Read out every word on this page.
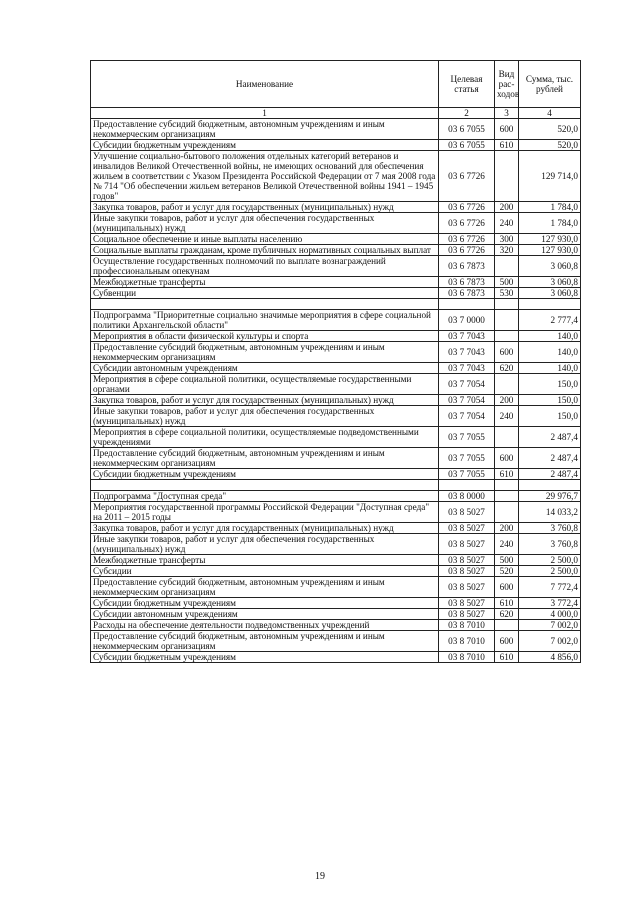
Наименование	Целевая статья	Вид рас-ходов	Сумма, тыс. рублей
1	2	3	4
Предоставление субсидий бюджетным, автономным учреждениям и иным некоммерческим организациям	03 6 7055	600	520,0
Субсидии бюджетным учреждениям	03 6 7055	610	520,0
Улучшение социально-бытового положения отдельных категорий ветеранов и инвалидов Великой Отечественной войны, не имеющих оснований для обеспечения жильем в соответствии с Указом Президента Российской Федерации от 7 мая 2008 года № 714 "Об обеспечении жильем ветеранов Великой Отечественной войны 1941 – 1945 годов"	03 6 7726		129 714,0
Закупка товаров, работ и услуг для государственных (муниципальных) нужд	03 6 7726	200	1 784,0
Иные закупки товаров, работ и услуг для обеспечения государственных (муниципальных) нужд	03 6 7726	240	1 784,0
Социальное обеспечение и иные выплаты населению	03 6 7726	300	127 930,0
Социальные выплаты гражданам, кроме публичных нормативных социальных выплат	03 6 7726	320	127 930,0
Осуществление государственных полномочий по выплате вознаграждений профессиональным опекунам	03 6 7873		3 060,8
Межбюджетные трансферты	03 6 7873	500	3 060,8
Субвенции	03 6 7873	530	3 060,8

Подпрограмма "Приоритетные социально значимые мероприятия в сфере социальной политики Архангельской области"	03 7 0000		2 777,4
Мероприятия в области физической культуры и спорта	03 7 7043		140,0
Предоставление субсидий бюджетным, автономным учреждениям и иным некоммерческим организациям	03 7 7043	600	140,0
Субсидии автономным учреждениям	03 7 7043	620	140,0
Мероприятия в сфере социальной политики, осуществляемые государственными органами	03 7 7054		150,0
Закупка товаров, работ и услуг для государственных (муниципальных) нужд	03 7 7054	200	150,0
Иные закупки товаров, работ и услуг для обеспечения государственных (муниципальных) нужд	03 7 7054	240	150,0
Мероприятия в сфере социальной политики, осуществляемые подведомственными учреждениями	03 7 7055		2 487,4
Предоставление субсидий бюджетным, автономным учреждениям и иным некоммерческим организациям	03 7 7055	600	2 487,4
Субсидии бюджетным учреждениям	03 7 7055	610	2 487,4

Подпрограмма "Доступная среда"	03 8 0000		29 976,7
Мероприятия государственной программы Российской Федерации "Доступная среда" на 2011 – 2015 годы	03 8 5027		14 033,2
Закупка товаров, работ и услуг для государственных (муниципальных) нужд	03 8 5027	200	3 760,8
Иные закупки товаров, работ и услуг для обеспечения государственных (муниципальных) нужд	03 8 5027	240	3 760,8
Межбюджетные трансферты	03 8 5027	500	2 500,0
Субсидии	03 8 5027	520	2 500,0
Предоставление субсидий бюджетным, автономным учреждениям и иным некоммерческим организациям	03 8 5027	600	7 772,4
Субсидии бюджетным учреждениям	03 8 5027	610	3 772,4
Субсидии автономным учреждениям	03 8 5027	620	4 000,0
Расходы на обеспечение деятельности подведомственных учреждений	03 8 7010		7 002,0
Предоставление субсидий бюджетным, автономным учреждениям и иным некоммерческим организациям	03 8 7010	600	7 002,0
Субсидии бюджетным учреждениям	03 8 7010	610	4 856,0
19
